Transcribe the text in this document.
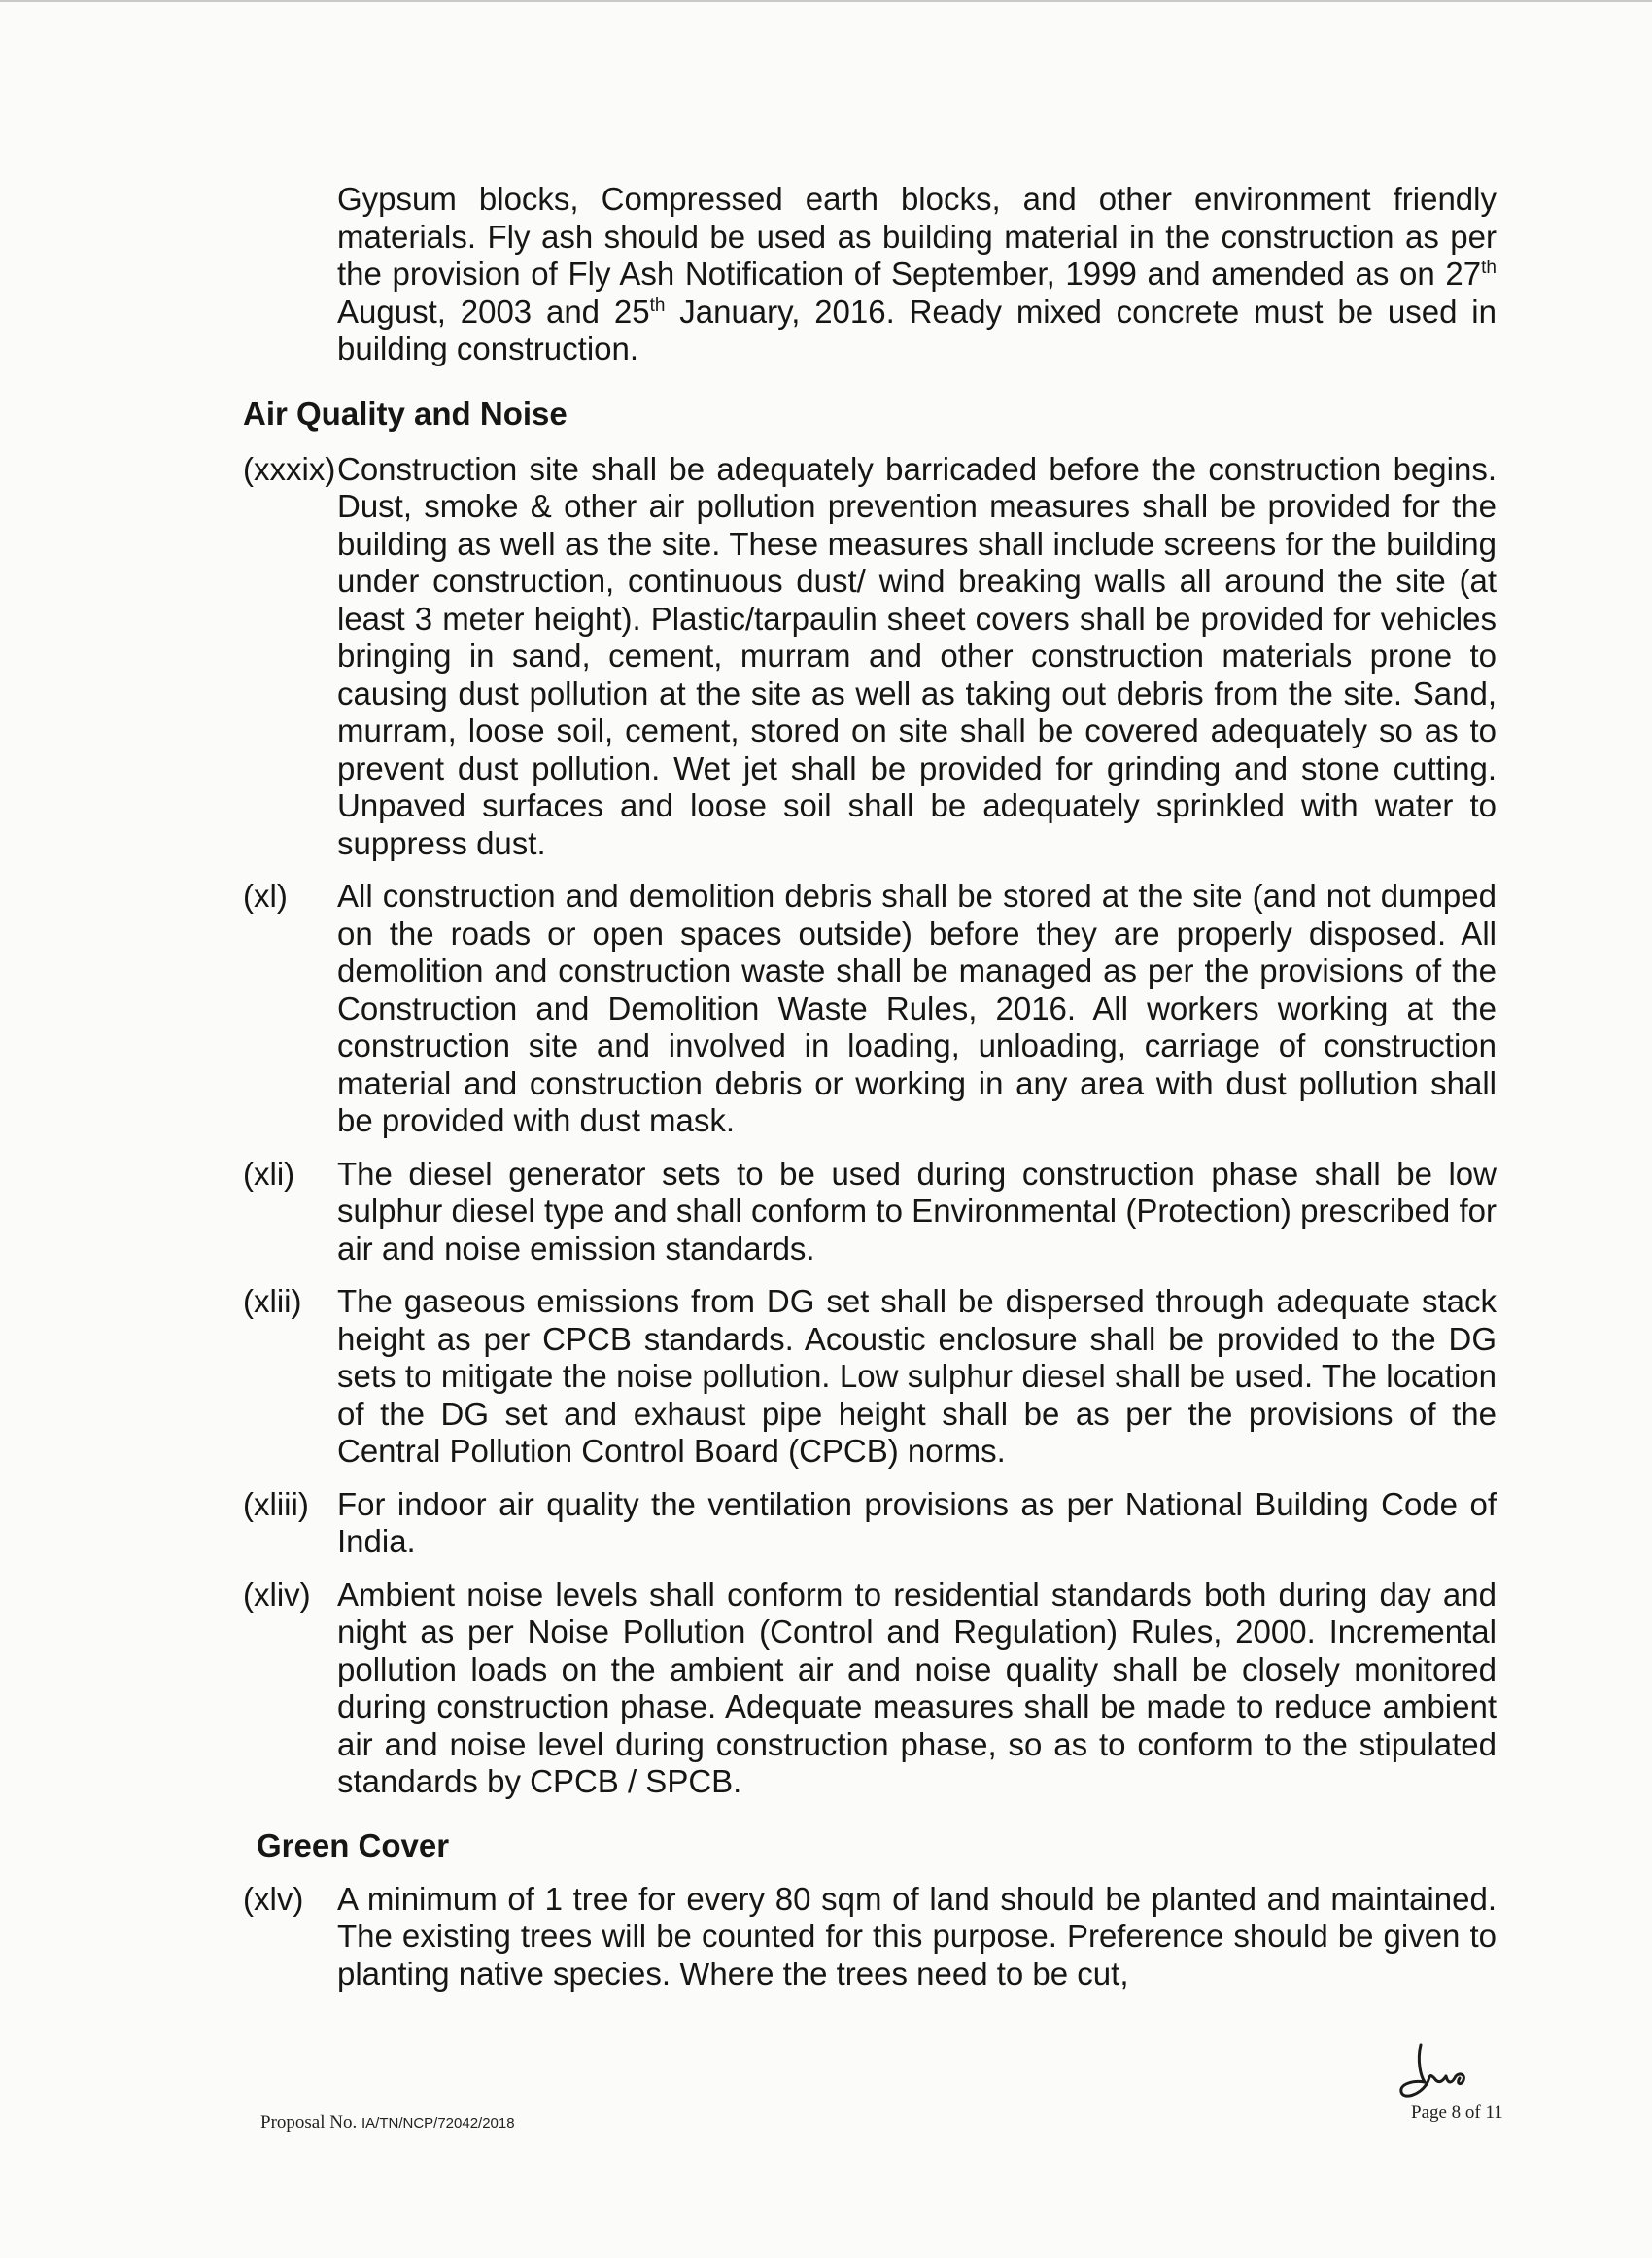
Gypsum blocks, Compressed earth blocks, and other environment friendly materials. Fly ash should be used as building material in the construction as per the provision of Fly Ash Notification of September, 1999 and amended as on 27th August, 2003 and 25th January, 2016. Ready mixed concrete must be used in building construction.

Air Quality and Noise
(xxxix) Construction site shall be adequately barricaded before the construction begins. Dust, smoke & other air pollution prevention measures shall be provided for the building as well as the site. These measures shall include screens for the building under construction, continuous dust/ wind breaking walls all around the site (at least 3 meter height). Plastic/tarpaulin sheet covers shall be provided for vehicles bringing in sand, cement, murram and other construction materials prone to causing dust pollution at the site as well as taking out debris from the site. Sand, murram, loose soil, cement, stored on site shall be covered adequately so as to prevent dust pollution. Wet jet shall be provided for grinding and stone cutting. Unpaved surfaces and loose soil shall be adequately sprinkled with water to suppress dust.
(xl) All construction and demolition debris shall be stored at the site (and not dumped on the roads or open spaces outside) before they are properly disposed. All demolition and construction waste shall be managed as per the provisions of the Construction and Demolition Waste Rules, 2016. All workers working at the construction site and involved in loading, unloading, carriage of construction material and construction debris or working in any area with dust pollution shall be provided with dust mask.
(xli) The diesel generator sets to be used during construction phase shall be low sulphur diesel type and shall conform to Environmental (Protection) prescribed for air and noise emission standards.
(xlii) The gaseous emissions from DG set shall be dispersed through adequate stack height as per CPCB standards. Acoustic enclosure shall be provided to the DG sets to mitigate the noise pollution. Low sulphur diesel shall be used. The location of the DG set and exhaust pipe height shall be as per the provisions of the Central Pollution Control Board (CPCB) norms.
(xliii) For indoor air quality the ventilation provisions as per National Building Code of India.
(xliv) Ambient noise levels shall conform to residential standards both during day and night as per Noise Pollution (Control and Regulation) Rules, 2000. Incremental pollution loads on the ambient air and noise quality shall be closely monitored during construction phase. Adequate measures shall be made to reduce ambient air and noise level during construction phase, so as to conform to the stipulated standards by CPCB / SPCB.
Green Cover
(xlv) A minimum of 1 tree for every 80 sqm of land should be planted and maintained. The existing trees will be counted for this purpose. Preference should be given to planting native species. Where the trees need to be cut,
Proposal No. IA/TN/NCP/72042/2018
Page 8 of 11
